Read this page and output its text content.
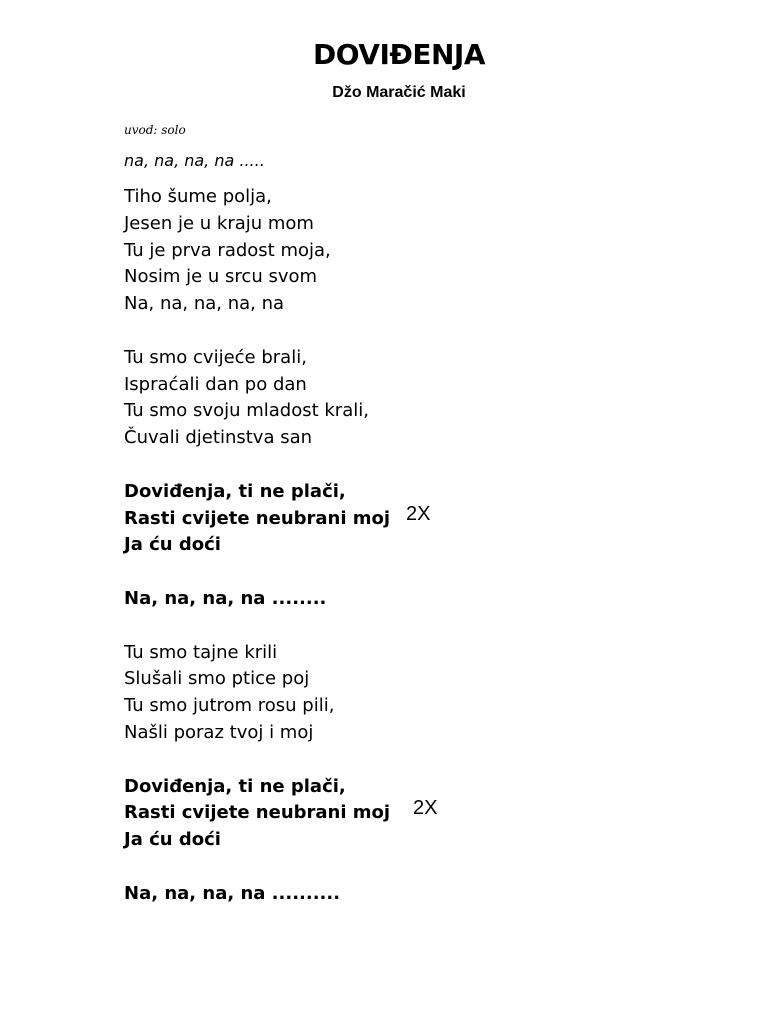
DOVIĐENJA
Džo Maračić Maki
uvod: solo
na, na, na, na .....
Tiho šume polja,
Jesen je u kraju mom
Tu je prva radost moja,
Nosim je u srcu svom
Na, na, na, na, na
Tu smo cvijeće brali,
Ispraćali dan po dan
Tu smo svoju mladost krali,
Čuvali djetinstva san
Doviđenja, ti ne plači,
Rasti cvijete neubrani moj
Ja ću doći
Na, na, na, na ........
Tu smo tajne krili
Slušali smo ptice poj
Tu smo jutrom rosu pili,
Našli poraz tvoj i moj
Doviđenja, ti ne plači,
Rasti cvijete neubrani moj
Ja ću doći
Na, na, na, na ..........
2X
2X
